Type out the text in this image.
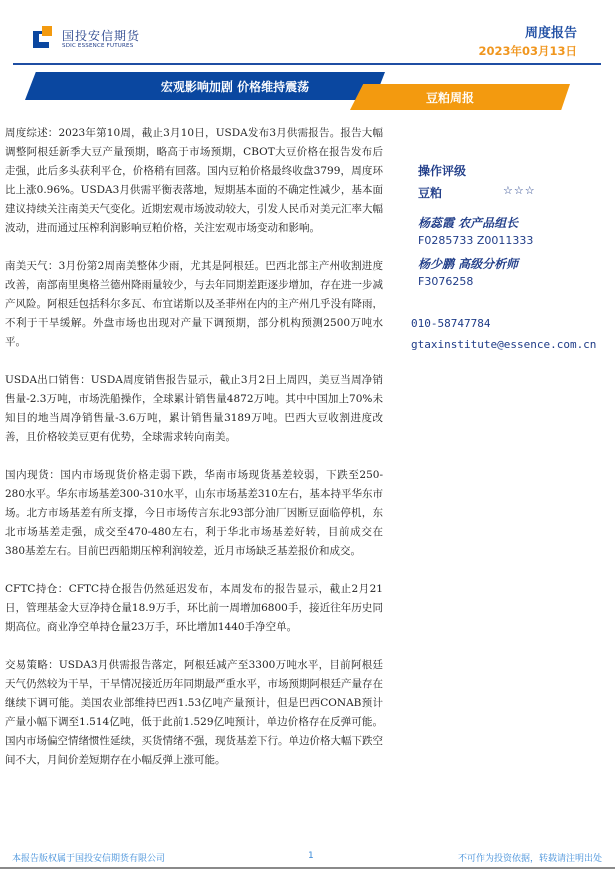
国投安信期货
SDIC ESSENCE FUTURES
周度报告
2023年03月13日
宏观影响加剧 价格维持震荡
豆粕周报

周度综述：2023年第10周，截止3月10日，USDA发布3月供需报告。报告大幅调整阿根廷新季大豆产量预期，略高于市场预期，CBOT大豆价格在报告发布后走强，此后多头获利平仓，价格稍有回落。国内豆粕价格最终收盘3799，周度环比上涨0.96%。USDA3月供需平衡表落地，短期基本面的不确定性减少，基本面建议持续关注南美天气变化。近期宏观市场波动较大，引发人民币对美元汇率大幅波动，进而通过压榨利润影响豆粕价格，关注宏观市场变动和影响。

南美天气：3月份第2周南美整体少雨，尤其是阿根廷。巴西北部主产州收割进度改善，南部南里奥格兰德州降雨量较少，与去年同期差距逐步增加，存在进一步减产风险。阿根廷包括科尔多瓦、布宜诺斯以及圣菲州在内的主产州几乎没有降雨，不利于干旱缓解。外盘市场也出现对产量下调预期，部分机构预测2500万吨水平。

USDA出口销售：USDA周度销售报告显示，截止3月2日上周四，美豆当周净销售量-2.3万吨，市场洗船操作，全球累计销售量4872万吨。其中中国加上70%未知目的地当周净销售量-3.6万吨，累计销售量3189万吨。巴西大豆收割进度改善，且价格较美豆更有优势，全球需求转向南美。

国内现货：国内市场现货价格走弱下跌，华南市场现货基差较弱，下跌至250-280水平。华东市场基差300-310水平，山东市场基差310左右，基本持平华东市场。北方市场基差有所支撑，今日市场传言东北93部分油厂因断豆面临停机，东北市场基差走强，成交至470-480左右，利于华北市场基差好转，目前成交在380基差左右。目前巴西船期压榨利润较差，近月市场缺乏基差报价和成交。

CFTC持仓：CFTC持仓报告仍然延迟发布，本周发布的报告显示，截止2月21日，管理基金大豆净持仓量18.9万手，环比前一周增加6800手，接近往年历史同期高位。商业净空单持仓量23万手，环比增加1440手净空单。

交易策略：USDA3月供需报告落定，阿根廷减产至3300万吨水平，目前阿根廷天气仍然较为干旱，干旱情况接近历年同期最严重水平，市场预期阿根廷产量存在继续下调可能。美国农业部维持巴西1.53亿吨产量预计，但是巴西CONAB预计产量小幅下调至1.514亿吨，低于此前1.529亿吨预计，单边价格存在反弹可能。国内市场偏空情绪惯性延续，买货情绪不强，现货基差下行。单边价格大幅下跌空间不大，月间价差短期存在小幅反弹上涨可能。

操作评级
豆粕	☆☆☆
杨蕊霞 农产品组长
F0285733 Z0011333
杨少鹏 高级分析师
F3076258
010-58747784
gtaxinstitute@essence.com.cn
本报告版权属于国投安信期货有限公司	1	不可作为投资依据，转载请注明出处
